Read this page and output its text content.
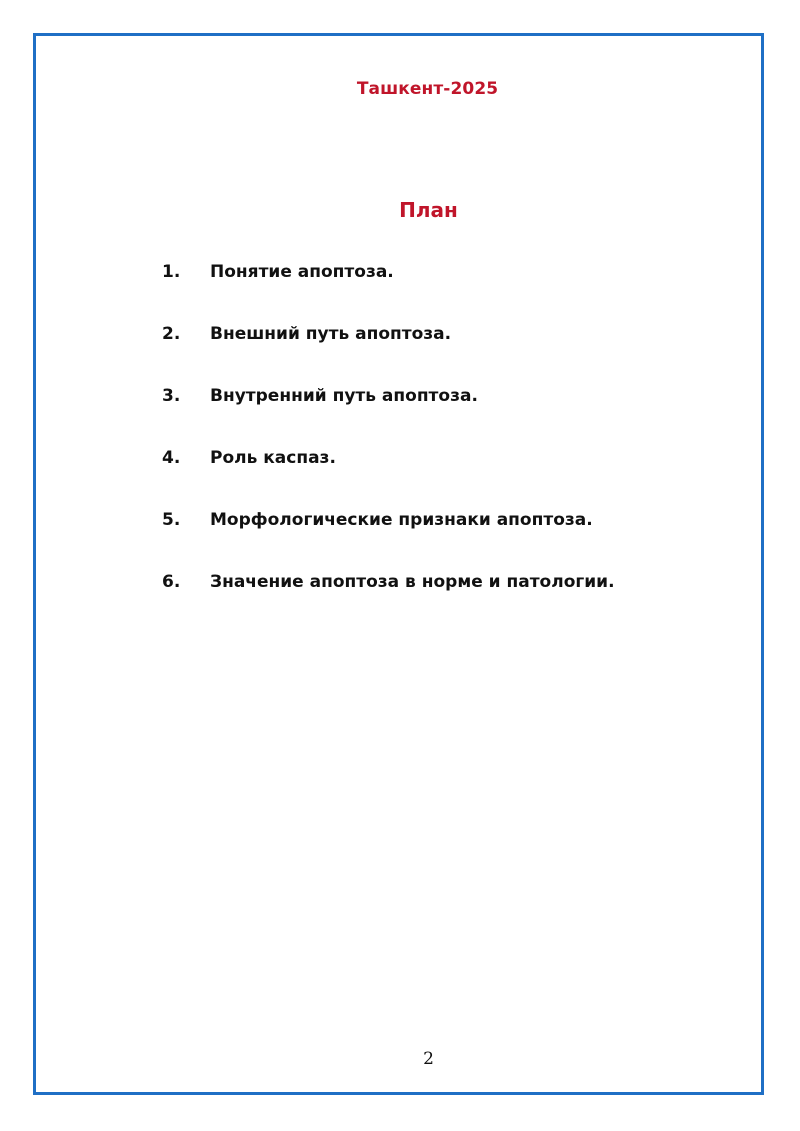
Ташкент-2025
План
1.	Понятие апоптоза.
2.	Внешний путь апоптоза.
3.	Внутренний путь апоптоза.
4.	Роль каспаз.
5.	Морфологические признаки апоптоза.
6.	Значение апоптоза в норме и патологии.
2
